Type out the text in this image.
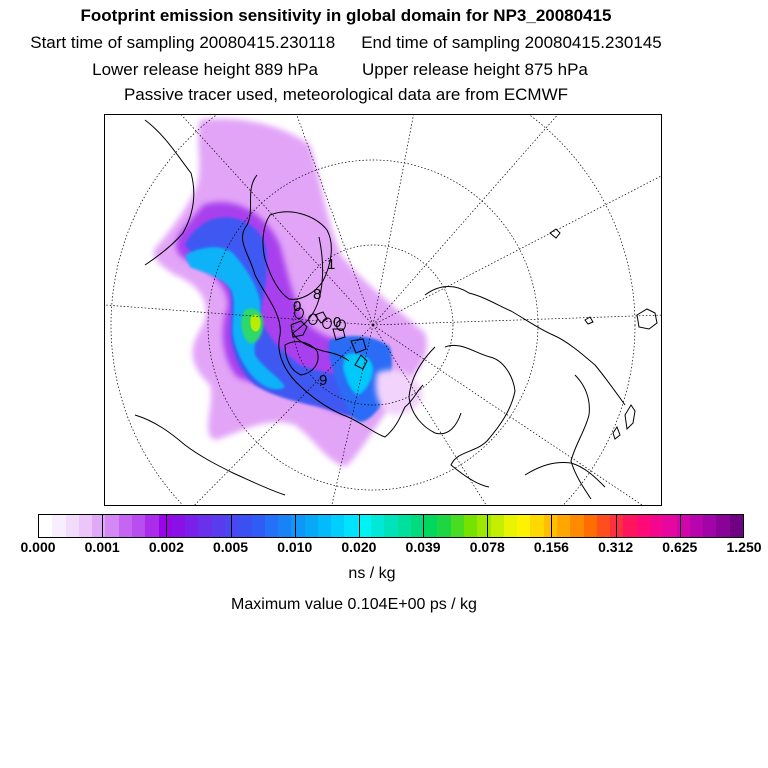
Footprint emission sensitivity in global domain for NP3_20080415
Start time of sampling 20080415.230118 End time of sampling 20080415.230145
Lower release height 889 hPa	Upper release height 875 hPa
Passive tracer used, meteorological data are from ECMWF
1
8
0
0
9
0.000 0.001 0.002 0.005 0.010 0.020 0.039 0.078 0.156 0.312 0.625 1.250
ns / kg
Maximum value 0.104E+00 ps / kg
